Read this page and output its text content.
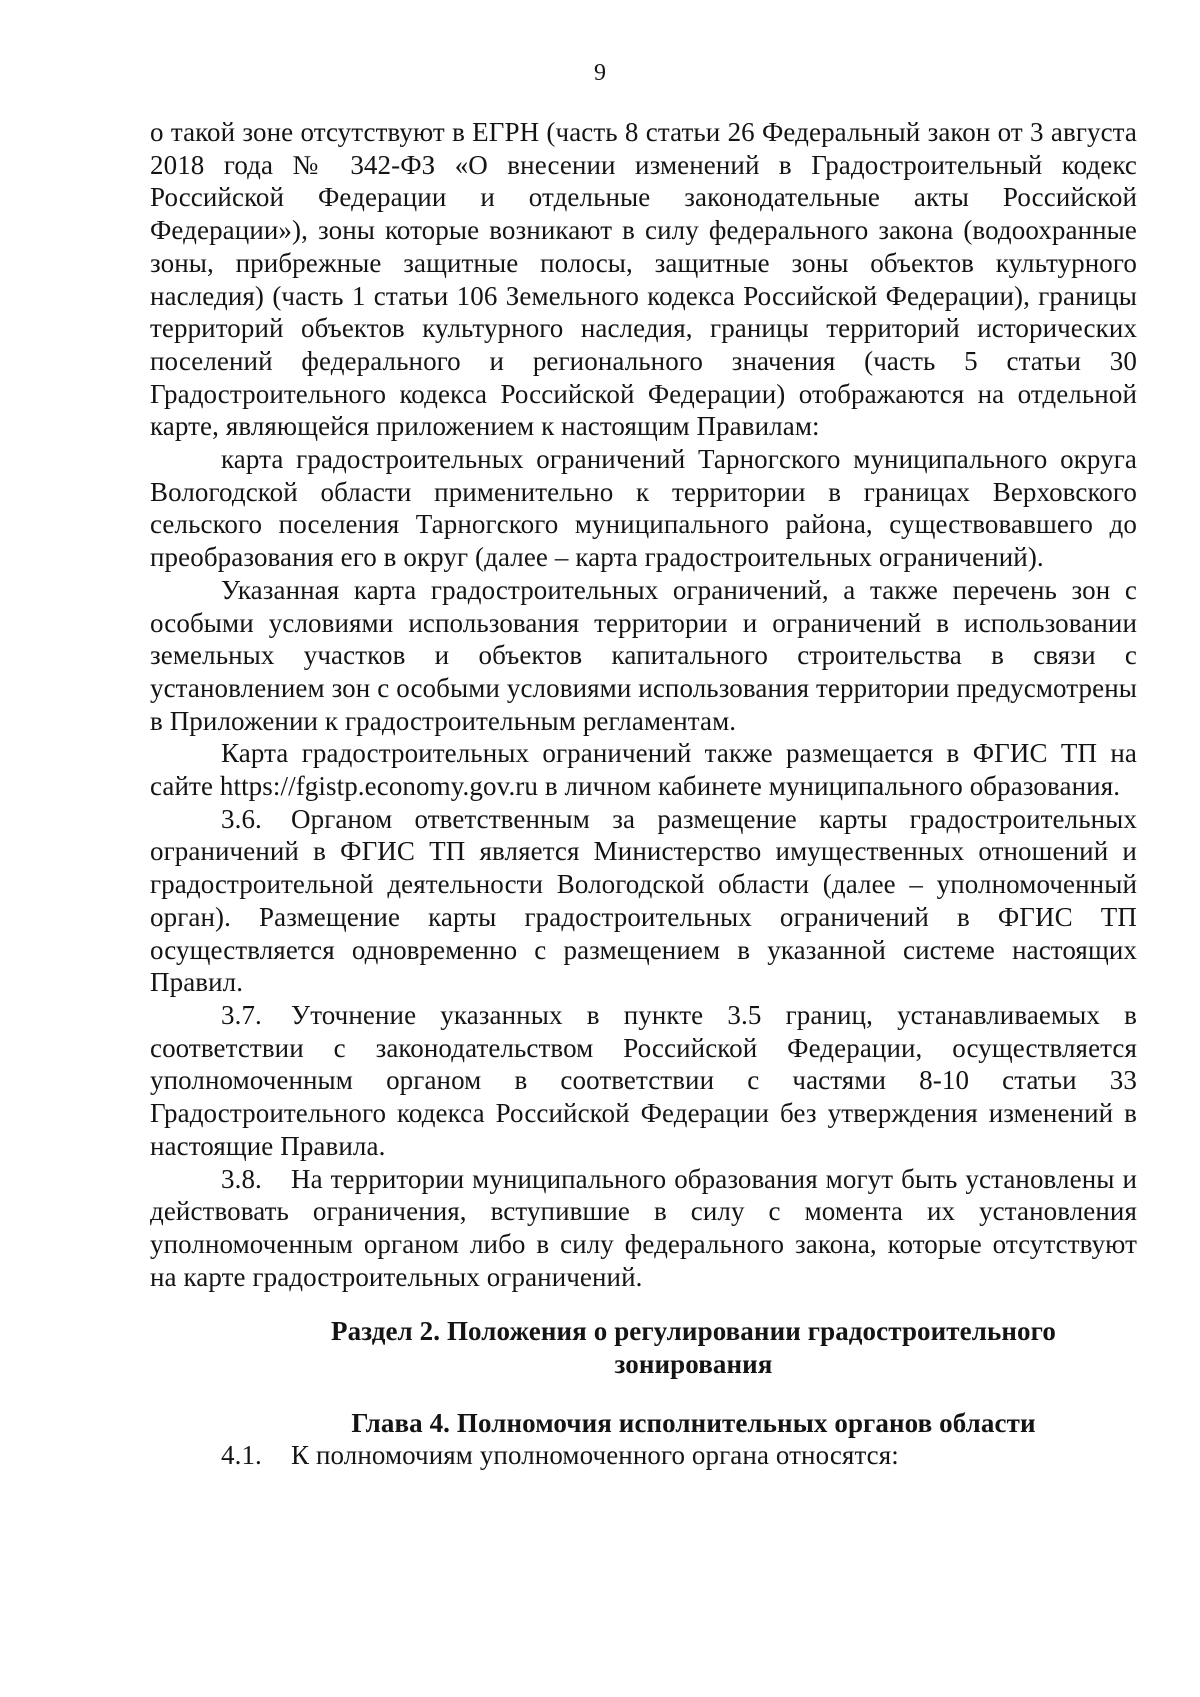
9

о такой зоне отсутствуют в ЕГРН (часть 8 статьи 26 Федеральный закон от 3 августа 2018 года № 342-ФЗ «О внесении изменений в Градостроительный кодекс Российской Федерации и отдельные законодательные акты Российской Федерации»), зоны которые возникают в силу федерального закона (водоохранные зоны, прибрежные защитные полосы, защитные зоны объектов культурного наследия) (часть 1 статьи 106 Земельного кодекса Российской Федерации), границы территорий объектов культурного наследия, границы территорий исторических поселений федерального и регионального значения (часть 5 статьи 30 Градостроительного кодекса Российской Федерации) отображаются на отдельной карте, являющейся приложением к настоящим Правилам:

карта градостроительных ограничений Тарногского муниципального округа Вологодской области применительно к территории в границах Верховского сельского поселения Тарногского муниципального района, существовавшего до преобразования его в округ (далее – карта градостроительных ограничений).

Указанная карта градостроительных ограничений, а также перечень зон с особыми условиями использования территории и ограничений в использовании земельных участков и объектов капитального строительства в связи с установлением зон с особыми условиями использования территории предусмотрены в Приложении к градостроительным регламентам.

Карта градостроительных ограничений также размещается в ФГИС ТП на сайте https://fgistp.economy.gov.ru в личном кабинете муниципального образования.

3.6. Органом ответственным за размещение карты градостроительных ограничений в ФГИС ТП является Министерство имущественных отношений и градостроительной деятельности Вологодской области (далее – уполномоченный орган). Размещение карты градостроительных ограничений в ФГИС ТП осуществляется одновременно с размещением в указанной системе настоящих Правил.

3.7. Уточнение указанных в пункте 3.5 границ, устанавливаемых в соответствии с законодательством Российской Федерации, осуществляется уполномоченным органом в соответствии с частями 8-10 статьи 33 Градостроительного кодекса Российской Федерации без утверждения изменений в настоящие Правила.

3.8. На территории муниципального образования могут быть установлены и действовать ограничения, вступившие в силу с момента их установления уполномоченным органом либо в силу федерального закона, которые отсутствуют на карте градостроительных ограничений.

Раздел 2. Положения о регулировании градостроительного
зонирования
Глава 4. Полномочия исполнительных органов области

4.1. К полномочиям уполномоченного органа относятся:
